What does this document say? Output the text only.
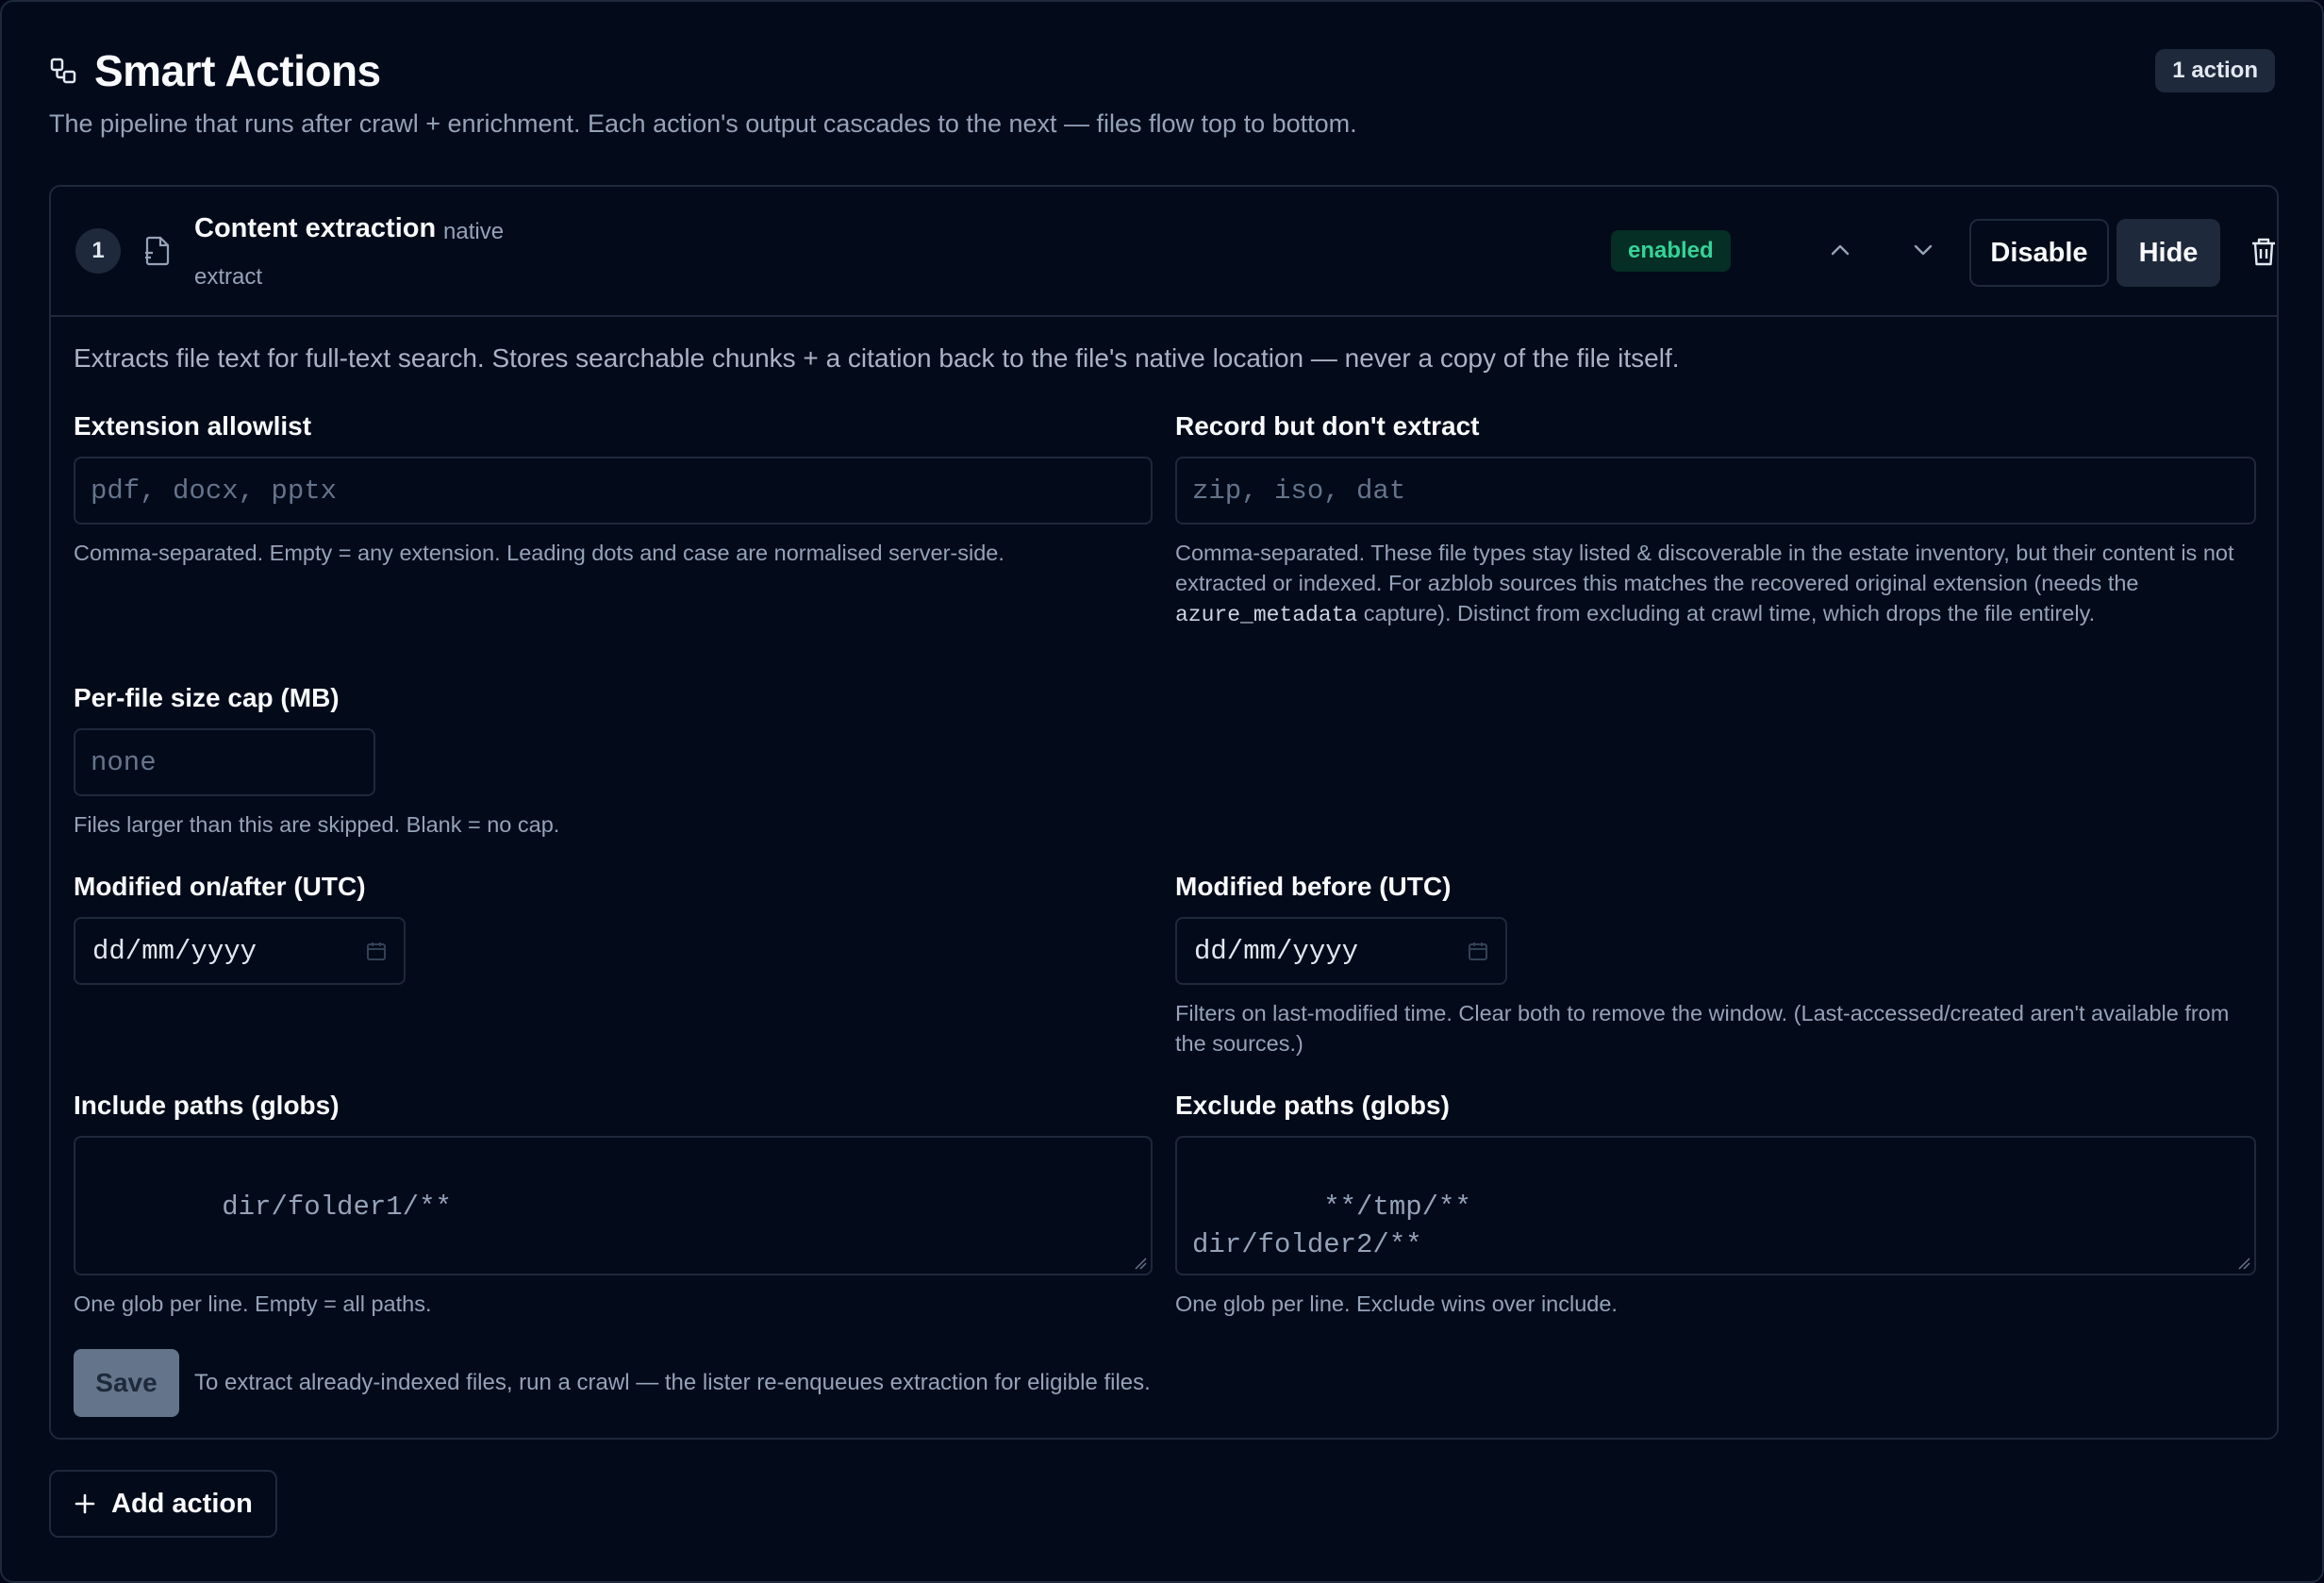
Smart Actions

The pipeline that runs after crawl + enrichment. Each action's output cascades to the next — files flow top to bottom.

1 action
1
Content extraction native
extract
enabled	Disable	Hide

Extracts file text for full-text search. Stores searchable chunks + a citation back to the file's native location — never a copy of the file itself.

Extension allowlist
pdf, docx, pptx
Comma-separated. Empty = any extension. Leading dots and case are normalised server-side.
Record but don't extract
zip, iso, dat
Comma-separated. These file types stay listed & discoverable in the estate inventory, but their content is not extracted or indexed. For azblob sources this matches the recovered original extension (needs the azure_metadata capture). Distinct from excluding at crawl time, which drops the file entirely.
Per-file size cap (MB)
none
Files larger than this are skipped. Blank = no cap.
Modified on/after (UTC)
dd/mm/yyyy
Modified before (UTC)
dd/mm/yyyy
Filters on last-modified time. Clear both to remove the window. (Last-accessed/created aren't available from the sources.)
Include paths (globs)

dir/folder1/**

One glob per line. Empty = all paths.
Exclude paths (globs)

**/tmp/**
dir/folder2/**

One glob per line. Exclude wins over include.
Save	To extract already-indexed files, run a crawl — the lister re-enqueues extraction for eligible files.
Add action
